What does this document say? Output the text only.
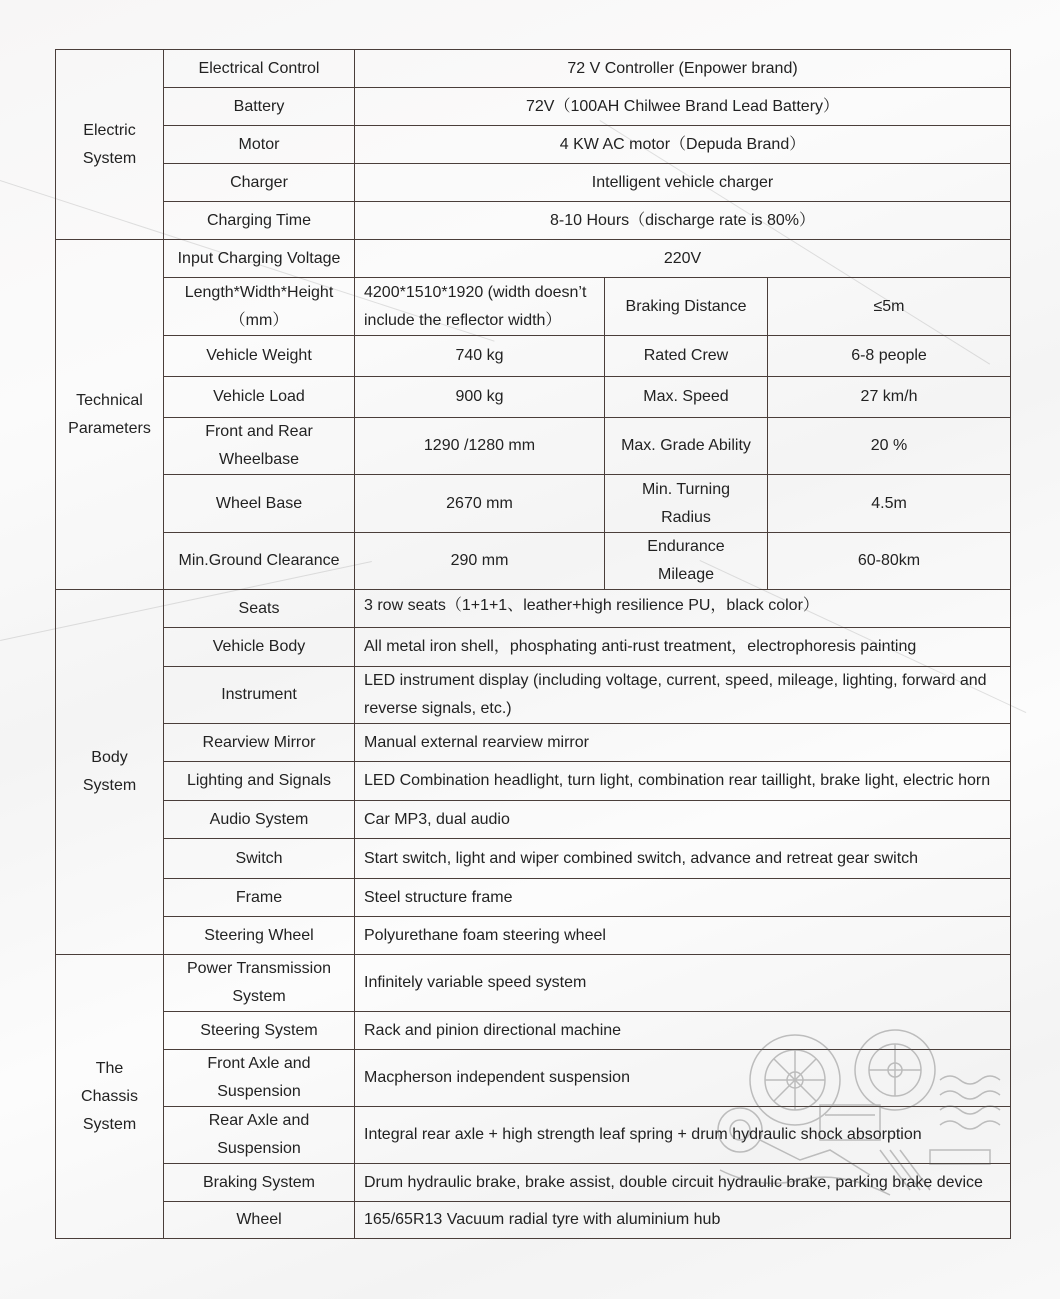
Electric System	Electrical Control	72 V Controller (Enpower brand)		
	Battery	72V（100AH Chilwee Brand Lead Battery）		
	Motor	4 KW AC motor（Depuda Brand）		
	Charger	Intelligent vehicle charger		
	Charging Time	8-10 Hours（discharge rate is 80%）		
Technical Parameters	Input Charging Voltage	220V		
	Length*Width*Height （mm）	4200*1510*1920 (width doesn’t include the reflector width）	Braking Distance	≤5m
	Vehicle Weight	740 kg	Rated Crew	6-8 people
	Vehicle Load	900 kg	Max. Speed	27 km/h
	Front and Rear Wheelbase	1290 /1280 mm	Max. Grade Ability	20 %
	Wheel Base	2670 mm	Min. Turning Radius	4.5m
	Min.Ground Clearance	290 mm	Endurance Mileage	60-80km
Body System	Seats	3 row seats（1+1+1、leather+high resilience PU，black color）		
	Vehicle Body	All metal iron shell，phosphating anti-rust treatment，electrophoresis painting		
	Instrument	LED instrument display (including voltage, current, speed, mileage, lighting, forward and reverse signals, etc.)		
	Rearview Mirror	Manual external rearview mirror		
	Lighting and Signals	LED Combination headlight, turn light, combination rear taillight, brake light, electric horn		
	Audio System	Car MP3, dual audio		
	Switch	Start switch, light and wiper combined switch, advance and retreat gear switch		
	Frame	Steel structure frame		
	Steering Wheel	Polyurethane foam steering wheel		
The Chassis System	Power Transmission System	Infinitely variable speed system		
	Steering System	Rack and pinion directional machine		
	Front Axle and Suspension	Macpherson independent suspension		
	Rear Axle and Suspension	Integral rear axle + high strength leaf spring + drum hydraulic shock absorption		
	Braking System	Drum hydraulic brake, brake assist, double circuit hydraulic brake, parking brake device		
	Wheel	165/65R13 Vacuum radial tyre with aluminium hub		
